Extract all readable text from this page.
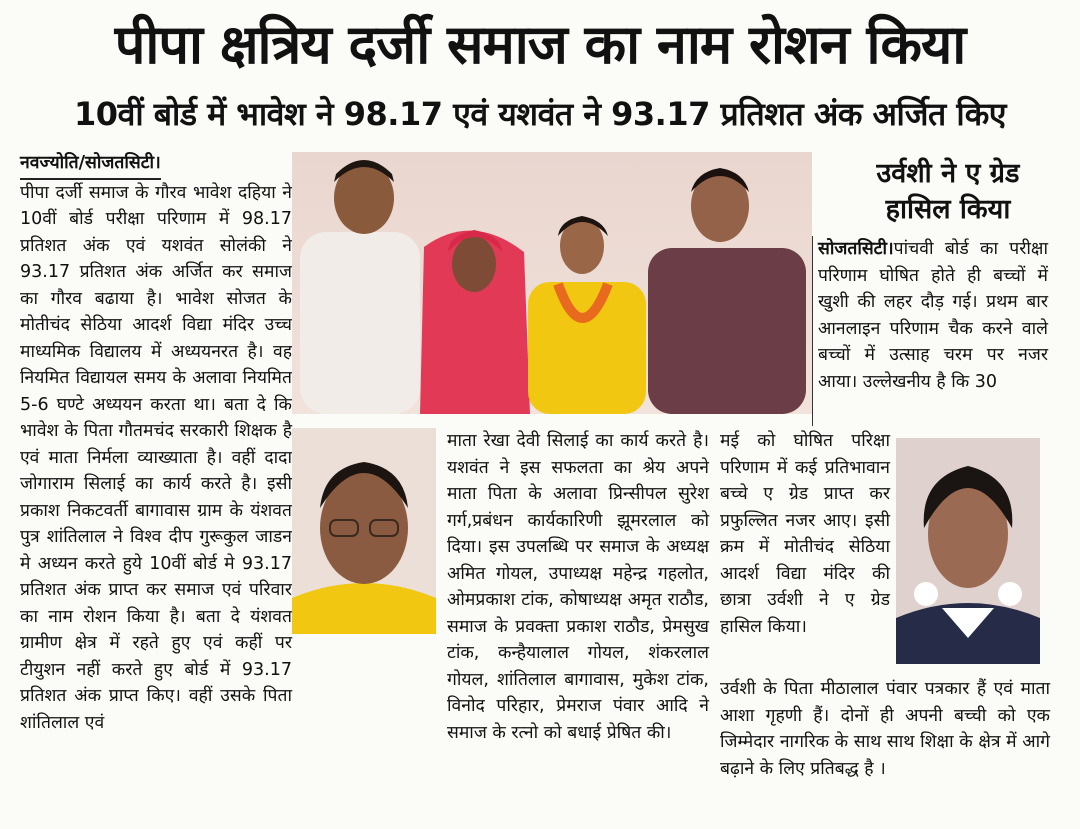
पीपा क्षत्रिय दर्जी समाज का नाम रोशन किया
10वीं बोर्ड में भावेश ने 98.17 एवं यशवंत ने 93.17 प्रतिशत अंक अर्जित किए

नवज्योति/सोजतसिटी।
पीपा दर्जी समाज के गौरव भावेश दहिया ने 10वीं बोर्ड परीक्षा परिणाम में 98.17 प्रतिशत अंक एवं यशवंत सोलंकी ने 93.17 प्रतिशत अंक अर्जित कर समाज का गौरव बढाया है। भावेश सोजत के मोतीचंद सेठिया आदर्श विद्या मंदिर उच्च माध्यमिक विद्यालय में अध्ययनरत है। वह नियमित विद्यायल समय के अलावा नियमित 5-6 घण्टे अध्ययन करता था। बता दे कि भावेश के पिता गौतमचंद सरकारी शिक्षक है एवं माता निर्मला व्याख्याता है। वहीं दादा जोगाराम सिलाई का कार्य करते है। इसी प्रकाश निकटवर्ती बागावास ग्राम के यंशवत पुत्र शांतिलाल ने विश्व दीप गुरूकुल जाडन मे अध्यन करते हुये 10वीं बोर्ड मे 93.17 प्रतिशत अंक प्राप्त कर समाज एवं परिवार का नाम रोशन किया है। बता दे यंशवत ग्रामीण क्षेत्र में रहते हुए एवं कहीं पर टीयुशन नहीं करते हुए बोर्ड में 93.17 प्रतिशत अंक प्राप्त किए। वहीं उसके पिता शांतिलाल एवं

माता रेखा देवी सिलाई का कार्य करते है। यशवंत ने इस सफलता का श्रेय अपने माता पिता के अलावा प्रिन्सीपल सुरेश गर्ग,प्रबंधन कार्यकारिणी झूमरलाल को दिया। इस उपलब्धि पर समाज के अध्यक्ष अमित गोयल, उपाध्यक्ष महेन्द्र गहलोत, ओमप्रकाश टांक, कोषाध्यक्ष अमृत राठौड, समाज के प्रवक्ता प्रकाश राठौड, प्रेमसुख टांक, कन्हैयालाल गोयल, शंकरलाल गोयल, शांतिलाल बागावास, मुकेश टांक, विनोद परिहार, प्रेमराज पंवार आदि ने समाज के रत्नो को बधाई प्रेषित की।

उर्वशी ने ए ग्रेड
हासिल किया

सोजतसिटी।पांचवी बोर्ड का परीक्षा परिणाम घोषित होते ही बच्चों में खुशी की लहर दौड़ गई। प्रथम बार आनलाइन परिणाम चैक करने वाले बच्चों में उत्साह चरम पर नजर आया। उल्लेखनीय है कि 30

मई को घोषित परिक्षा परिणाम में कई प्रतिभावान बच्चे ए ग्रेड प्राप्त कर प्रफुल्लित नजर आए। इसी क्रम में मोतीचंद सेठिया आदर्श विद्या मंदिर की छात्रा उर्वशी ने ए ग्रेड हासिल किया।

उर्वशी के पिता मीठालाल पंवार पत्रकार हैं एवं माता आशा गृहणी हैं। दोनों ही अपनी बच्ची को एक जिम्मेदार नागरिक के साथ साथ शिक्षा के क्षेत्र में आगे बढ़ाने के लिए प्रतिबद्ध है ।
